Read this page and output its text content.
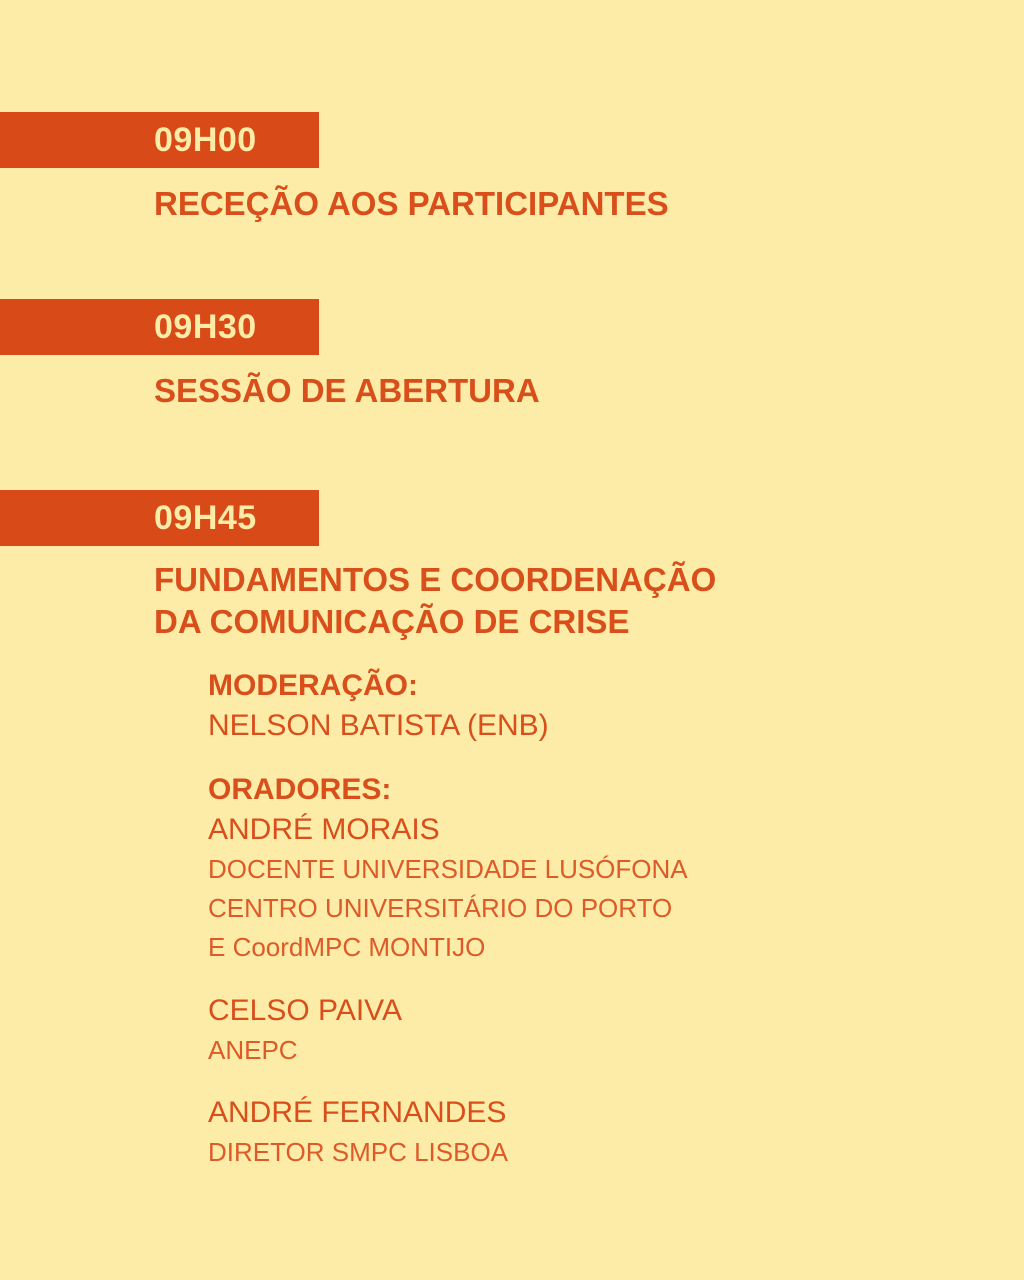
09H00
RECEÇÃO AOS PARTICIPANTES
09H30
SESSÃO DE ABERTURA
09H45
FUNDAMENTOS E COORDENAÇÃO
DA COMUNICAÇÃO DE CRISE
MODERAÇÃO:
NELSON BATISTA (ENB)
ORADORES:
ANDRÉ MORAIS
DOCENTE UNIVERSIDADE LUSÓFONA
CENTRO UNIVERSITÁRIO DO PORTO
E CoordMPC MONTIJO
CELSO PAIVA
ANEPC
ANDRÉ FERNANDES
DIRETOR SMPC LISBOA
